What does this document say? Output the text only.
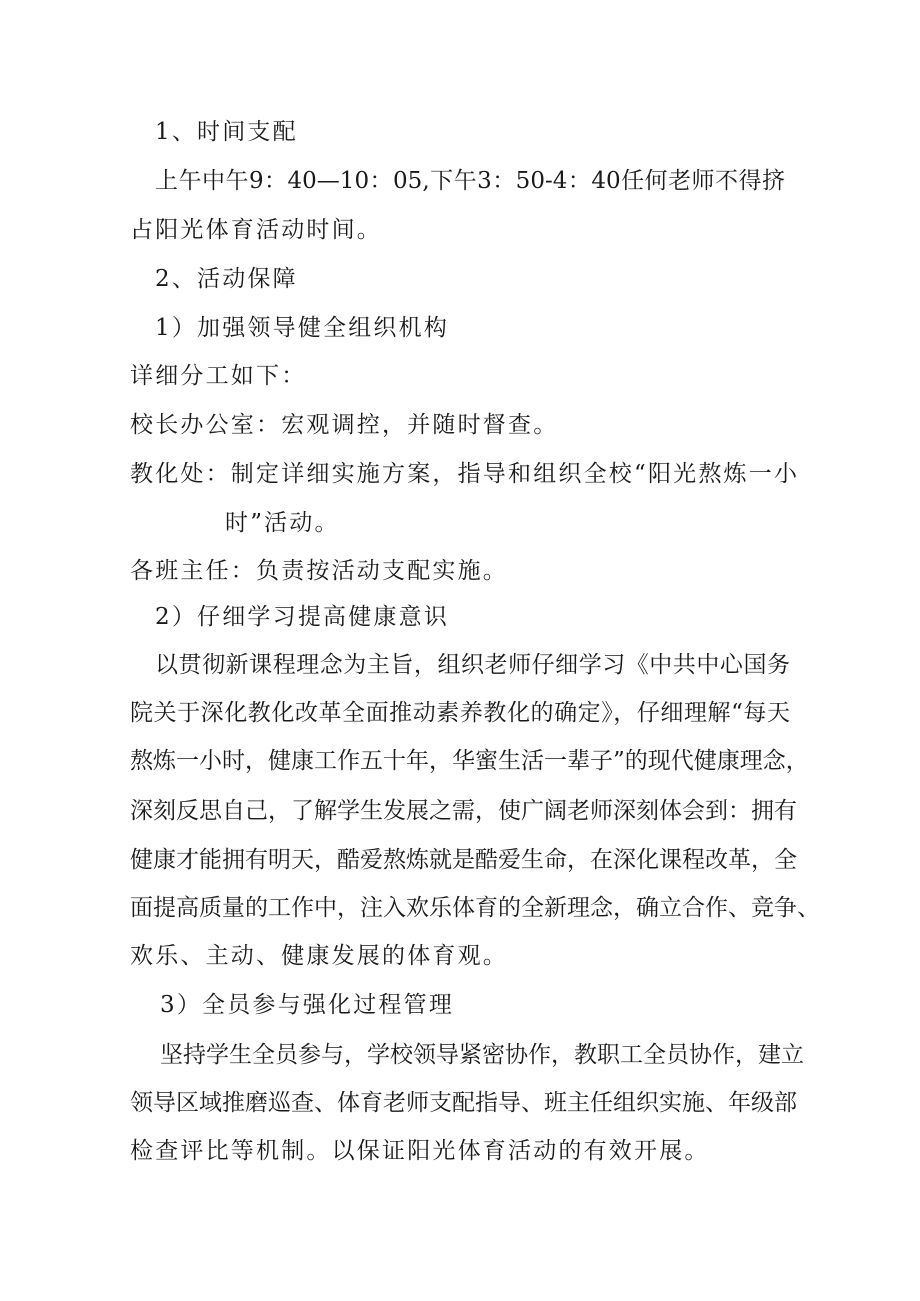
1、时间支配

上午中午9：40—10：05,下午3：50-4：40任何老师不得挤

占阳光体育活动时间。

2、活动保障

1）加强领导健全组织机构

详细分工如下：

校长办公室：宏观调控，并随时督查。

教化处：制定详细实施方案，指导和组织全校“阳光熬炼一小

时”活动。

各班主任：负责按活动支配实施。

2）仔细学习提高健康意识

以贯彻新课程理念为主旨，组织老师仔细学习《中共中心国务

院关于深化教化改革全面推动素养教化的确定》，仔细理解“每天

熬炼一小时，健康工作五十年，华蜜生活一辈子”的现代健康理念，

深刻反思自己，了解学生发展之需，使广阔老师深刻体会到：拥有

健康才能拥有明天，酷爱熬炼就是酷爱生命，在深化课程改革，全

面提高质量的工作中，注入欢乐体育的全新理念，确立合作、竞争、

欢乐、主动、健康发展的体育观。

3）全员参与强化过程管理

坚持学生全员参与，学校领导紧密协作，教职工全员协作，建立

领导区域推磨巡查、体育老师支配指导、班主任组织实施、年级部

检查评比等机制。以保证阳光体育活动的有效开展。
